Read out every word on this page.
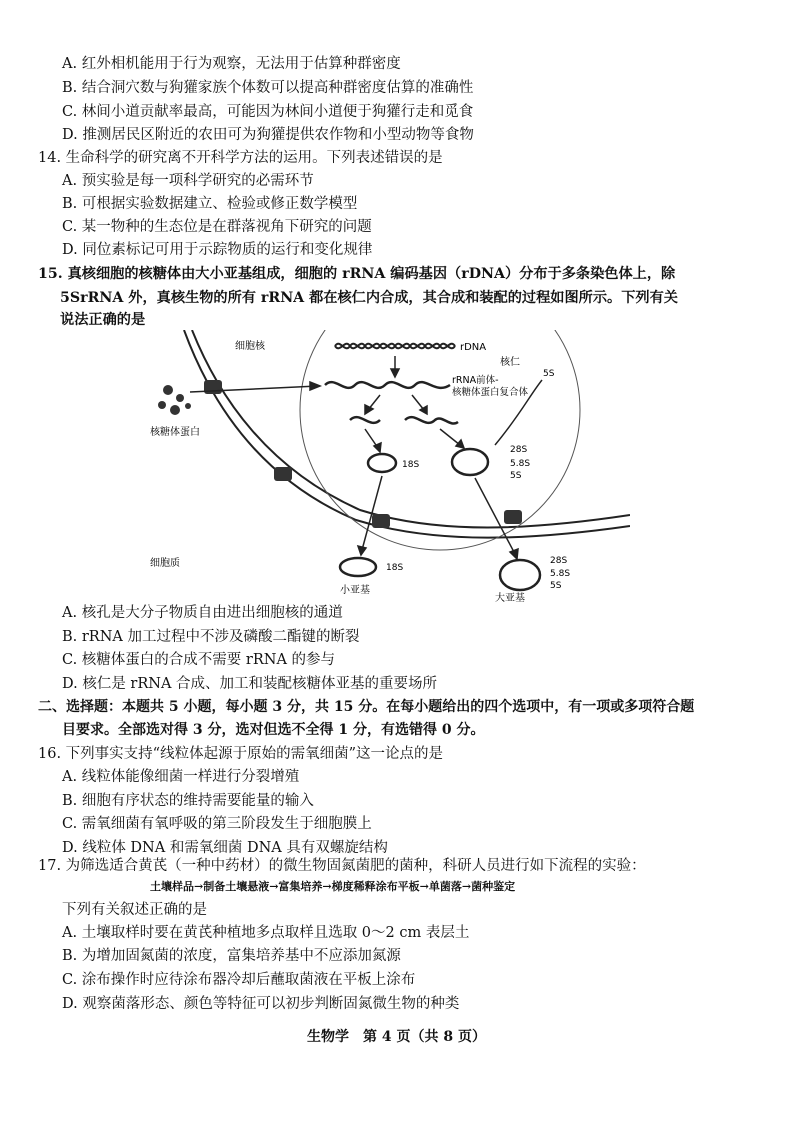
A. 红外相机能用于行为观察，无法用于估算种群密度
B. 结合洞穴数与狗獾家族个体数可以提高种群密度估算的准确性
C. 林间小道贡献率最高，可能因为林间小道便于狗獾行走和觅食
D. 推测居民区附近的农田可为狗獾提供农作物和小型动物等食物
14. 生命科学的研究离不开科学方法的运用。下列表述错误的是
A. 预实验是每一项科学研究的必需环节
B. 可根据实验数据建立、检验或修正数学模型
C. 某一物种的生态位是在群落视角下研究的问题
D. 同位素标记可用于示踪物质的运行和变化规律
15. 真核细胞的核糖体由大小亚基组成，细胞的 rRNA 编码基因（rDNA）分布于多条染色体上，除
5SrRNA 外，真核生物的所有 rRNA 都在核仁内合成，其合成和装配的过程如图所示。下列有关
说法正确的是
细胞核	rDNA
核仁
rRNA前体-
核糖体蛋白复合体
核糖体蛋白
5S
28S
5.8S
5S
18S
细胞质	18S
小亚基
28S
5.8S
5S
大亚基
A. 核孔是大分子物质自由进出细胞核的通道
B. rRNA 加工过程中不涉及磷酸二酯键的断裂
C. 核糖体蛋白的合成不需要 rRNA 的参与
D. 核仁是 rRNA 合成、加工和装配核糖体亚基的重要场所
二、选择题：本题共 5 小题，每小题 3 分，共 15 分。在每小题给出的四个选项中，有一项或多项符合题
目要求。全部选对得 3 分，选对但选不全得 1 分，有选错得 0 分。
16. 下列事实支持“线粒体起源于原始的需氧细菌”这一论点的是
A. 线粒体能像细菌一样进行分裂增殖
B. 细胞有序状态的维持需要能量的输入
C. 需氧细菌有氧呼吸的第三阶段发生于细胞膜上
D. 线粒体 DNA 和需氧细菌 DNA 具有双螺旋结构
17. 为筛选适合黄芪（一种中药材）的微生物固氮菌肥的菌种，科研人员进行如下流程的实验：
土壤样品→制备土壤悬液→富集培养→梯度稀释涂布平板→单菌落→菌种鉴定
下列有关叙述正确的是
A. 土壤取样时要在黄芪种植地多点取样且选取 0～2 cm 表层土
B. 为增加固氮菌的浓度，富集培养基中不应添加氮源
C. 涂布操作时应待涂布器冷却后蘸取菌液在平板上涂布
D. 观察菌落形态、颜色等特征可以初步判断固氮微生物的种类
生物学　第 4 页（共 8 页）
